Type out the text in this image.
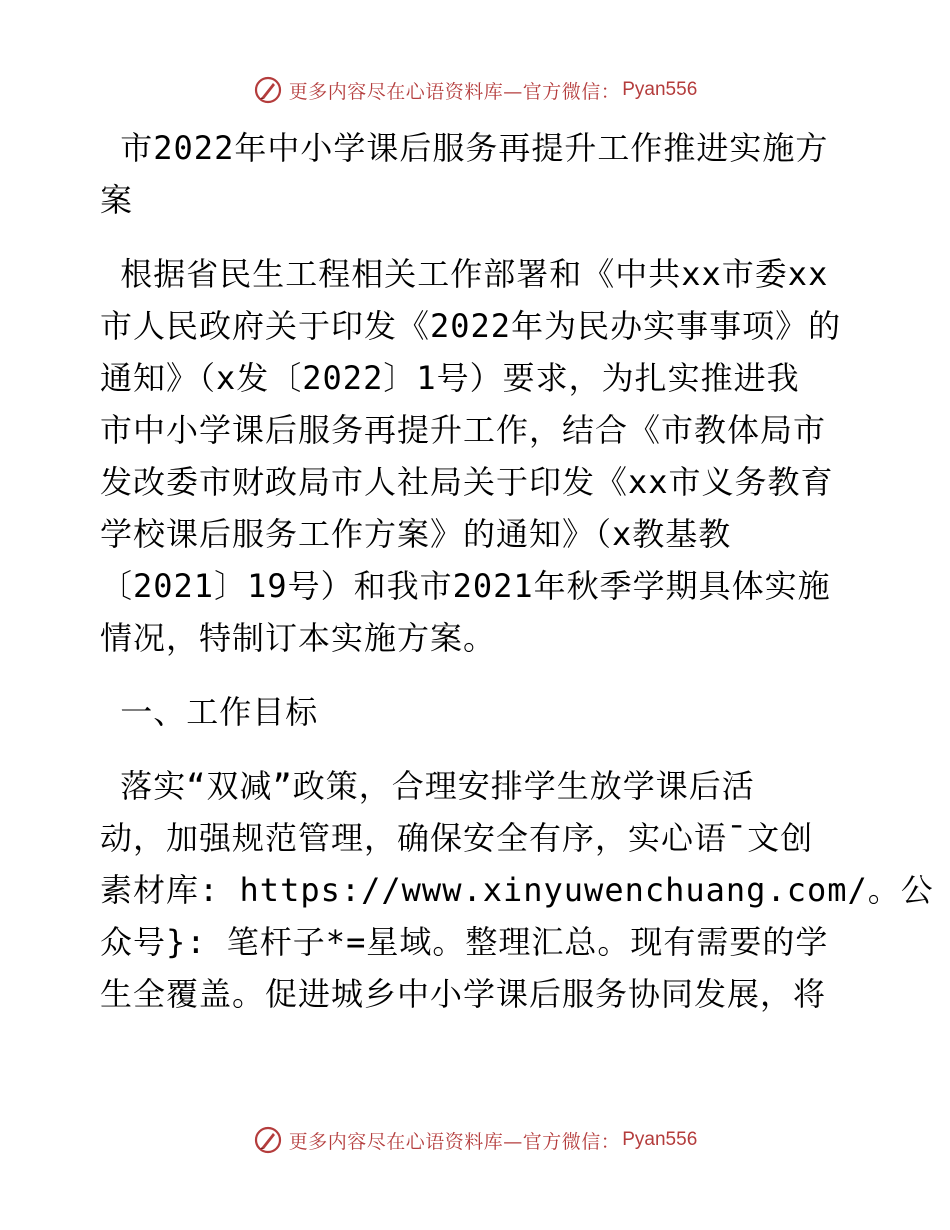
更多内容尽在心语资料库—官方微信： Pyan556
市2022年中小学课后服务再提升工作推进实施方
案
根据省民生工程相关工作部署和《中共xx市委xx
市人民政府关于印发《2022年为民办实事事项》的
通知》（x发〔2022〕1号）要求，为扎实推进我
市中小学课后服务再提升工作，结合《市教体局市
发改委市财政局市人社局关于印发《xx市义务教育
学校课后服务工作方案》的通知》（x教基教
〔2021〕19号）和我市2021年秋季学期具体实施
情况，特制订本实施方案。
一、工作目标
落实“双减”政策，合理安排学生放学课后活
动，加强规范管理，确保安全有序，实心语¯文创
素材库: https://www.xinyuwenchuang.com/。公
众号}: 笔杆子*=星域。整理汇总。现有需要的学
生全覆盖。促进城乡中小学课后服务协同发展，将
更多内容尽在心语资料库—官方微信： Pyan556
